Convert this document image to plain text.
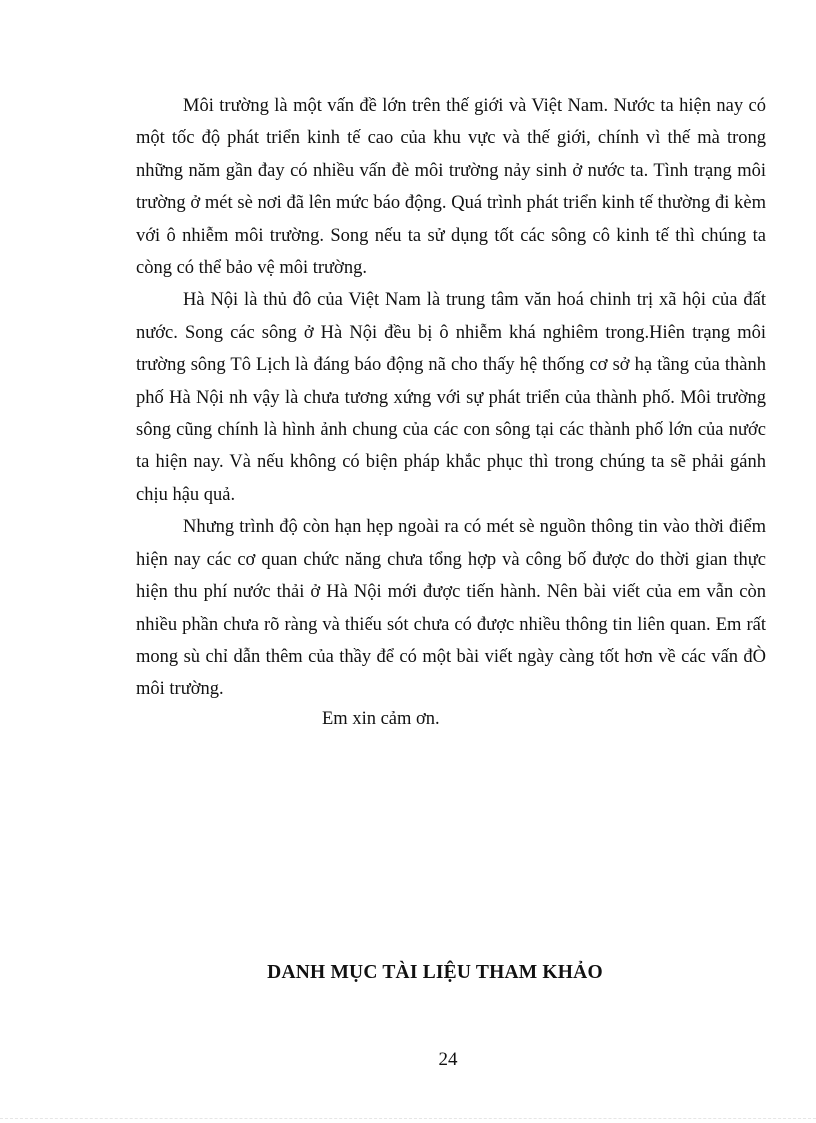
Môi trường là một vấn đề lớn trên thế giới và Việt Nam. Nước ta hiện nay có một tốc độ phát triển kinh tế cao của khu vực và thế giới, chính vì thế mà trong những năm gần đay có nhiều vấn đè môi trường nảy sinh ở nước ta. Tình trạng môi trường ở mét sè nơi đã lên mức báo động. Quá trình phát triển kinh tế thường đi kèm với ô nhiễm môi trường. Song nếu ta sử dụng tốt các sông cô kinh tế thì chúng ta còng có thể bảo vệ môi trường.

Hà Nội là thủ đô của Việt Nam là trung tâm văn hoá chinh trị xã hội của đất nước. Song các sông ở Hà Nội đều bị ô nhiễm khá nghiêm trong.Hiên trạng môi trường sông Tô Lịch là đáng báo động nã cho thấy hệ thống cơ sở hạ tầng của thành phố Hà Nội nh vậy là chưa tương xứng với sự phát triển của thành phố. Môi trường sông cũng chính là hình ảnh chung của các con sông tại các thành phố lớn của nước ta hiện nay. Và nếu không có biện pháp khắc phục thì trong chúng ta sẽ phải gánh chịu hậu quả.

Nhưng trình độ còn hạn hẹp ngoài ra có mét sè nguồn thông tin vào thời điểm hiện nay các cơ quan chức năng chưa tổng hợp và công bố được do thời gian thực hiện thu phí nước thải ở Hà Nội mới được tiến hành. Nên bài viết của em vẫn còn nhiều phần chưa rõ ràng và thiếu sót chưa có được nhiều thông tin liên quan. Em rất mong sù chỉ dẫn thêm của thầy để có một bài viết ngày càng tốt hơn về các vấn đÒ môi trường.

Em xin cảm ơn.

DANH MỤC TÀI LIỆU THAM KHẢO

24
